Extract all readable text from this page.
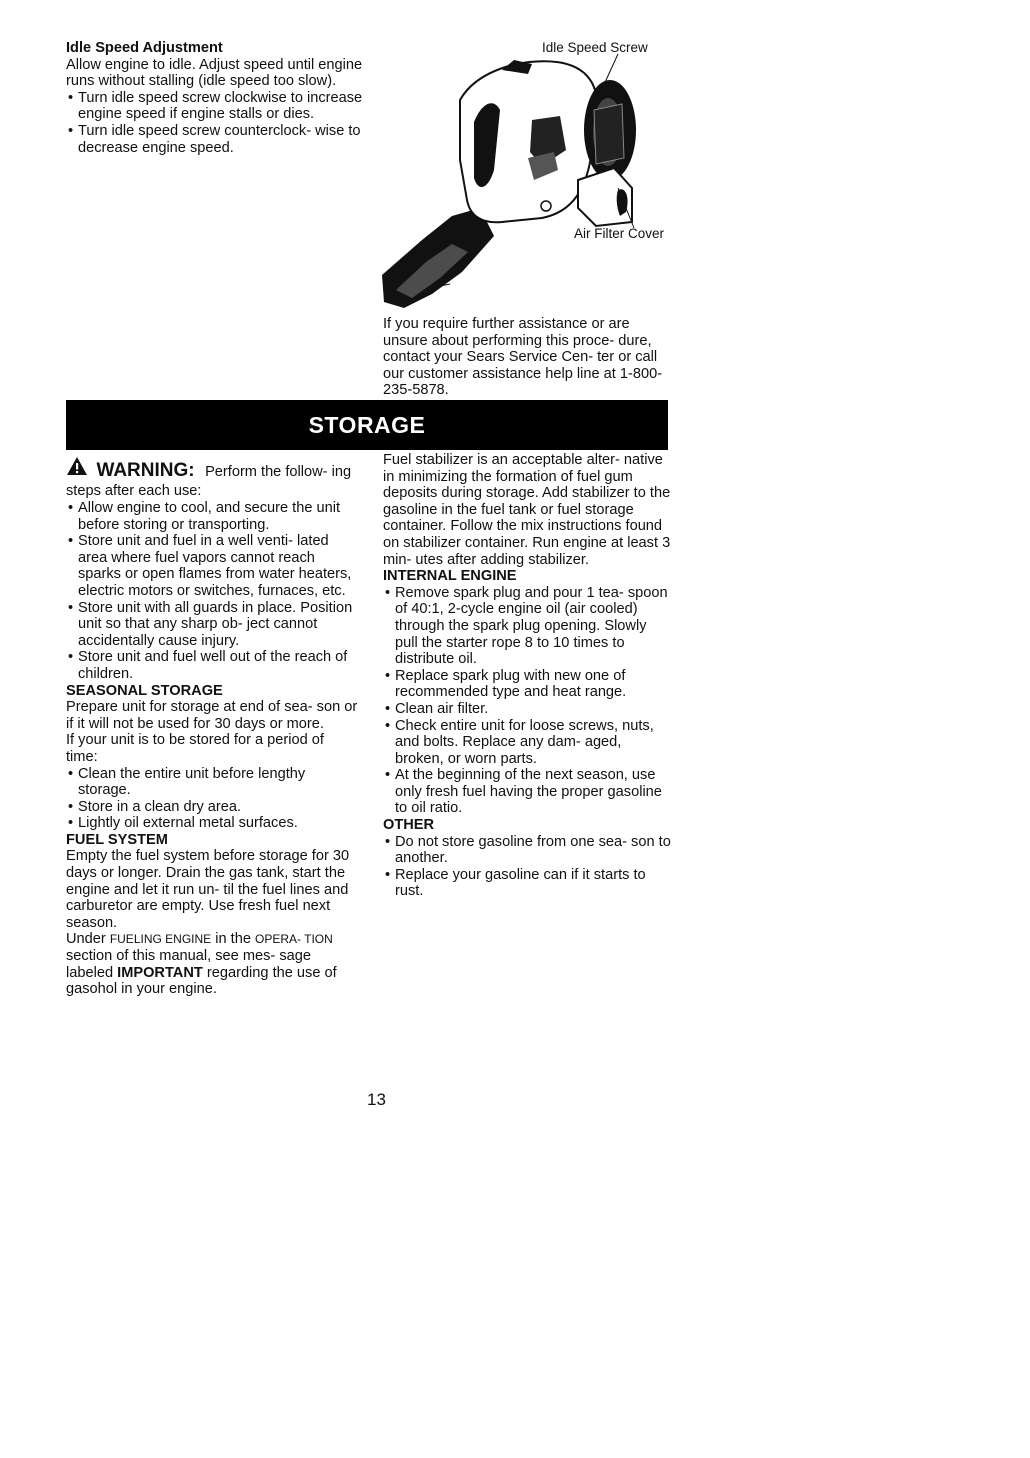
Idle Speed Adjustment

Allow engine to idle. Adjust speed until engine runs without stalling (idle speed too slow).

• Turn idle speed screw clockwise to increase engine speed if engine stalls or dies.
• Turn idle speed screw counterclock- wise to decrease engine speed.
Idle Speed Screw
Air Filter Cover

If you require further assistance or are unsure about performing this proce- dure, contact your Sears Service Cen- ter or call our customer assistance help line at 1-800-235-5878.

STORAGE
WARNING: Perform the follow- ing steps after each use:
• Allow engine to cool, and secure the unit before storing or transporting.
• Store unit and fuel in a well venti- lated area where fuel vapors cannot reach sparks or open flames from water heaters, electric motors or switches, furnaces, etc.
• Store unit with all guards in place. Position unit so that any sharp ob- ject cannot accidentally cause injury.
• Store unit and fuel well out of the reach of children.

SEASONAL STORAGE

Prepare unit for storage at end of sea- son or if it will not be used for 30 days or more.

If your unit is to be stored for a period of time:

• Clean the entire unit before lengthy storage.
• Store in a clean dry area.
• Lightly oil external metal surfaces.

FUEL SYSTEM

Empty the fuel system before storage for 30 days or longer. Drain the gas tank, start the engine and let it run un- til the fuel lines and carburetor are empty. Use fresh fuel next season.

Under FUELING ENGINE in the OPERA- TION section of this manual, see mes- sage labeled IMPORTANT regarding the use of gasohol in your engine.

Fuel stabilizer is an acceptable alter- native in minimizing the formation of fuel gum deposits during storage. Add stabilizer to the gasoline in the fuel tank or fuel storage container. Follow the mix instructions found on stabilizer container. Run engine at least 3 min- utes after adding stabilizer.

INTERNAL ENGINE

• Remove spark plug and pour 1 tea- spoon of 40:1, 2-cycle engine oil (air cooled) through the spark plug opening. Slowly pull the starter rope 8 to 10 times to distribute oil.
• Replace spark plug with new one of recommended type and heat range.
• Clean air filter.
• Check entire unit for loose screws, nuts, and bolts. Replace any dam- aged, broken, or worn parts.
• At the beginning of the next season, use only fresh fuel having the proper gasoline to oil ratio.

OTHER

• Do not store gasoline from one sea- son to another.
• Replace your gasoline can if it starts to rust.
13
